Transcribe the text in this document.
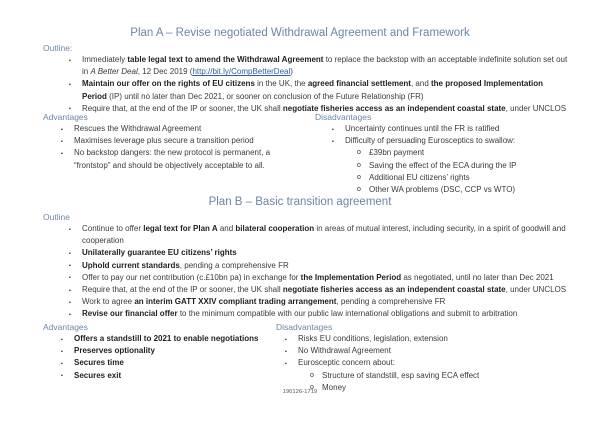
Plan A – Revise negotiated Withdrawal Agreement and Framework
Outline:
▪ Immediately table legal text to amend the Withdrawal Agreement to replace the backstop with an acceptable indefinite solution set out in A Better Deal, 12 Dec 2019 (http://bit.ly/CompBetterDeal)
▪ Maintain our offer on the rights of EU citizens in the UK, the agreed financial settlement, and the proposed Implementation Period (IP) until no later than Dec 2021, or sooner on conclusion of the Future Relationship (FR)
▪ Require that, at the end of the IP or sooner, the UK shall negotiate fisheries access as an independent coastal state, under UNCLOS
Advantages
▪ Rescues the Withdrawal Agreement
▪ Maximises leverage plus secure a transition period
▪ No backstop dangers: the new protocol is permanent, a “frontstop” and should be objectively acceptable to all.
Disadvantages
▪ Uncertainty continues until the FR is ratified
▪ Difficulty of persuading Eurosceptics to swallow:
o £39bn payment
o Saving the effect of the ECA during the IP
o Additional EU citizens’ rights
o Other WA problems (DSC, CCP vs WTO)
Plan B – Basic transition agreement
Outline
▪ Continue to offer legal text for Plan A and bilateral cooperation in areas of mutual interest, including security, in a spirit of goodwill and cooperation
▪ Unilaterally guarantee EU citizens’ rights
▪ Uphold current standards, pending a comprehensive FR
▪ Offer to pay our net contribution (c.£10bn pa) in exchange for the Implementation Period as negotiated, until no later than Dec 2021
▪ Require that, at the end of the IP or sooner, the UK shall negotiate fisheries access as an independent coastal state, under UNCLOS
▪ Work to agree an interim GATT XXIV compliant trading arrangement, pending a comprehensive FR
▪ Revise our financial offer to the minimum compatible with our public law international obligations and submit to arbitration
Advantages
▪ Offers a standstill to 2021 to enable negotiations
▪ Preserves optionality
▪ Secures time
▪ Secures exit
Disadvantages
▪ Risks EU conditions, legislation, extension
▪ No Withdrawal Agreement
▪ Eurosceptic concern about:
o Structure of standstill, esp saving ECA effect
o Money
190126-1719
